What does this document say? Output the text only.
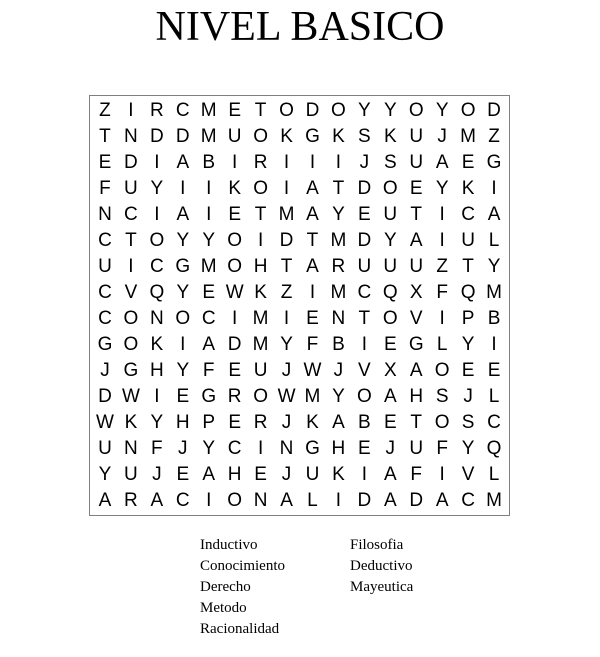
NIVEL BASICO
Z I R C M E T O D O Y Y O Y O D
T N D D M U O K G K S K U J M Z
E D I A B I R I	I	I J S U A E G
F U Y I	I K O I A T D O E Y K I
N C I A I E T M A Y E U T I C A
C T O Y Y O I D T M D Y A I U L
U I C G M O H T A R U U U Z T Y
C V Q Y E W K Z I M C Q X F Q M
C O N O C I M I E N T O V I P B
G O K I A D M Y F B I E G L Y I
J G H Y F E U J W J V X A O E E
D W I E G R O W M Y O A H S J L
W K Y H P E R J K A B E T O S C
U N F J Y C I N G H E J U F Y Q
Y U J E A H E J U K I A F I V L
A R A C I O N A L I D A D A C M
Inductivo
Conocimiento
Derecho
Metodo
Racionalidad
Filosofia
Deductivo
Mayeutica
